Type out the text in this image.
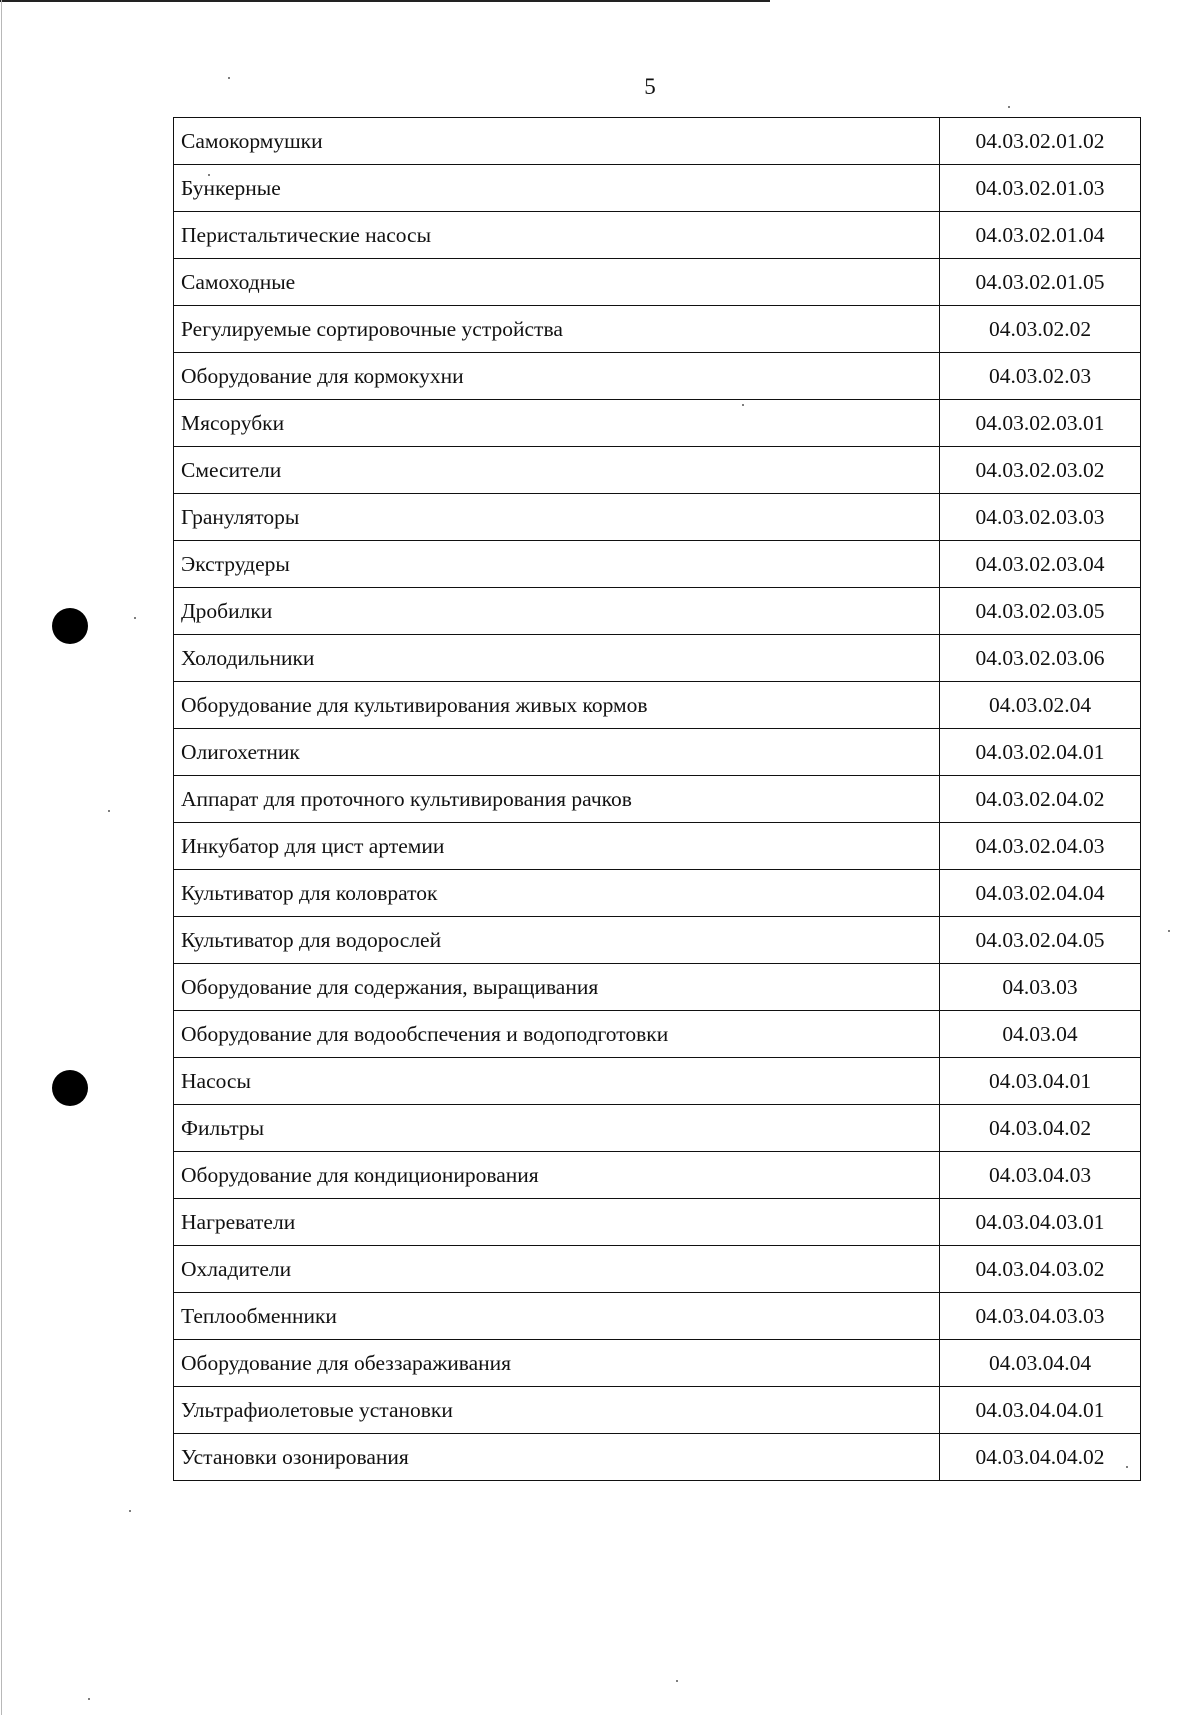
5
Самокормушки	04.03.02.01.02
Бункерные	04.03.02.01.03
Перистальтические насосы	04.03.02.01.04
Самоходные	04.03.02.01.05
Регулируемые сортировочные устройства	04.03.02.02
Оборудование для кормокухни	04.03.02.03
Мясорубки	04.03.02.03.01
Смесители	04.03.02.03.02
Грануляторы	04.03.02.03.03
Экструдеры	04.03.02.03.04
Дробилки	04.03.02.03.05
Холодильники	04.03.02.03.06
Оборудование для культивирования живых кормов	04.03.02.04
Олигохетник	04.03.02.04.01
Аппарат для проточного культивирования рачков	04.03.02.04.02
Инкубатор для цист артемии	04.03.02.04.03
Культиватор для коловраток	04.03.02.04.04
Культиватор для водорослей	04.03.02.04.05
Оборудование для содержания, выращивания	04.03.03
Оборудование для водообспечения и водоподготовки	04.03.04
Насосы	04.03.04.01
Фильтры	04.03.04.02
Оборудование для кондиционирования	04.03.04.03
Нагреватели	04.03.04.03.01
Охладители	04.03.04.03.02
Теплообменники	04.03.04.03.03
Оборудование для обеззараживания	04.03.04.04
Ультрафиолетовые установки	04.03.04.04.01
Установки озонирования	04.03.04.04.02
